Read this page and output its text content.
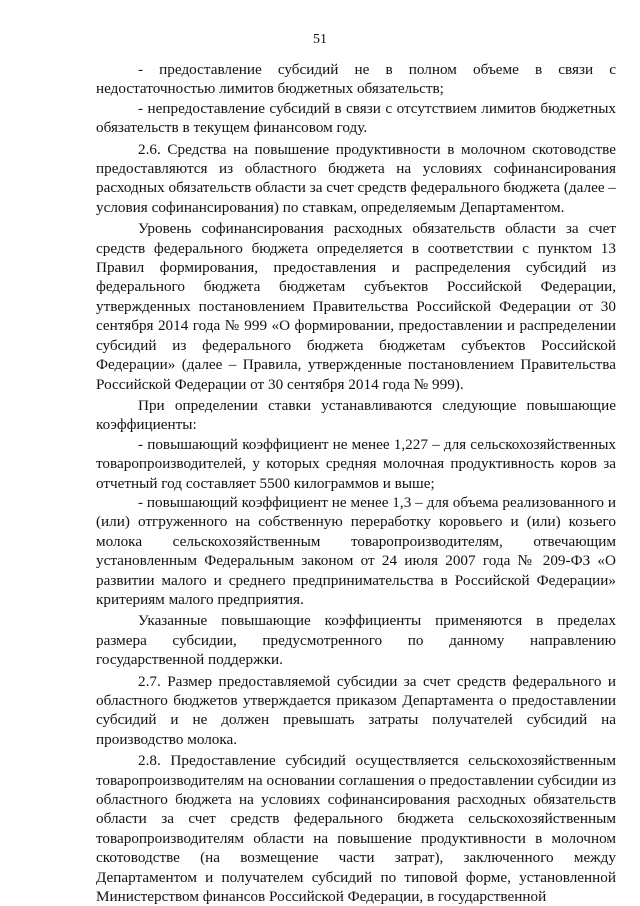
51

- предоставление субсидий не в полном объеме в связи с недостаточностью лимитов бюджетных обязательств;

- непредоставление субсидий в связи с отсутствием лимитов бюджетных обязательств в текущем финансовом году.

2.6. Средства на повышение продуктивности в молочном скотоводстве предоставляются из областного бюджета на условиях софинансирования расходных обязательств области за счет средств федерального бюджета (далее – условия софинансирования) по ставкам, определяемым Департаментом.

Уровень софинансирования расходных обязательств области за счет средств федерального бюджета определяется в соответствии с пунктом 13 Правил формирования, предоставления и распределения субсидий из федерального бюджета бюджетам субъектов Российской Федерации, утвержденных постановлением Правительства Российской Федерации от 30 сентября 2014 года № 999 «О формировании, предоставлении и распределении субсидий из федерального бюджета бюджетам субъектов Российской Федерации» (далее – Правила, утвержденные постановлением Правительства Российской Федерации от 30 сентября 2014 года № 999).

При определении ставки устанавливаются следующие повышающие коэффициенты:

- повышающий коэффициент не менее 1,227 – для сельскохозяйственных товаропроизводителей, у которых средняя молочная продуктивность коров за отчетный год составляет 5500 килограммов и выше;

- повышающий коэффициент не менее 1,3 – для объема реализованного и (или) отгруженного на собственную переработку коровьего и (или) козьего молока сельскохозяйственным товаропроизводителям, отвечающим установленным Федеральным законом от 24 июля 2007 года № 209-ФЗ «О развитии малого и среднего предпринимательства в Российской Федерации» критериям малого предприятия.

Указанные повышающие коэффициенты применяются в пределах размера субсидии, предусмотренного по данному направлению государственной поддержки.

2.7. Размер предоставляемой субсидии за счет средств федерального и областного бюджетов утверждается приказом Департамента о предоставлении субсидий и не должен превышать затраты получателей субсидий на производство молока.

2.8. Предоставление субсидий осуществляется сельскохозяйственным товаропроизводителям на основании соглашения о предоставлении субсидии из областного бюджета на условиях софинансирования расходных обязательств области за счет средств федерального бюджета сельскохозяйственным товаропроизводителям области на повышение продуктивности в молочном скотоводстве (на возмещение части затрат), заключенного между Департаментом и получателем субсидий по типовой форме, установленной Министерством финансов Российской Федерации, в государственной
